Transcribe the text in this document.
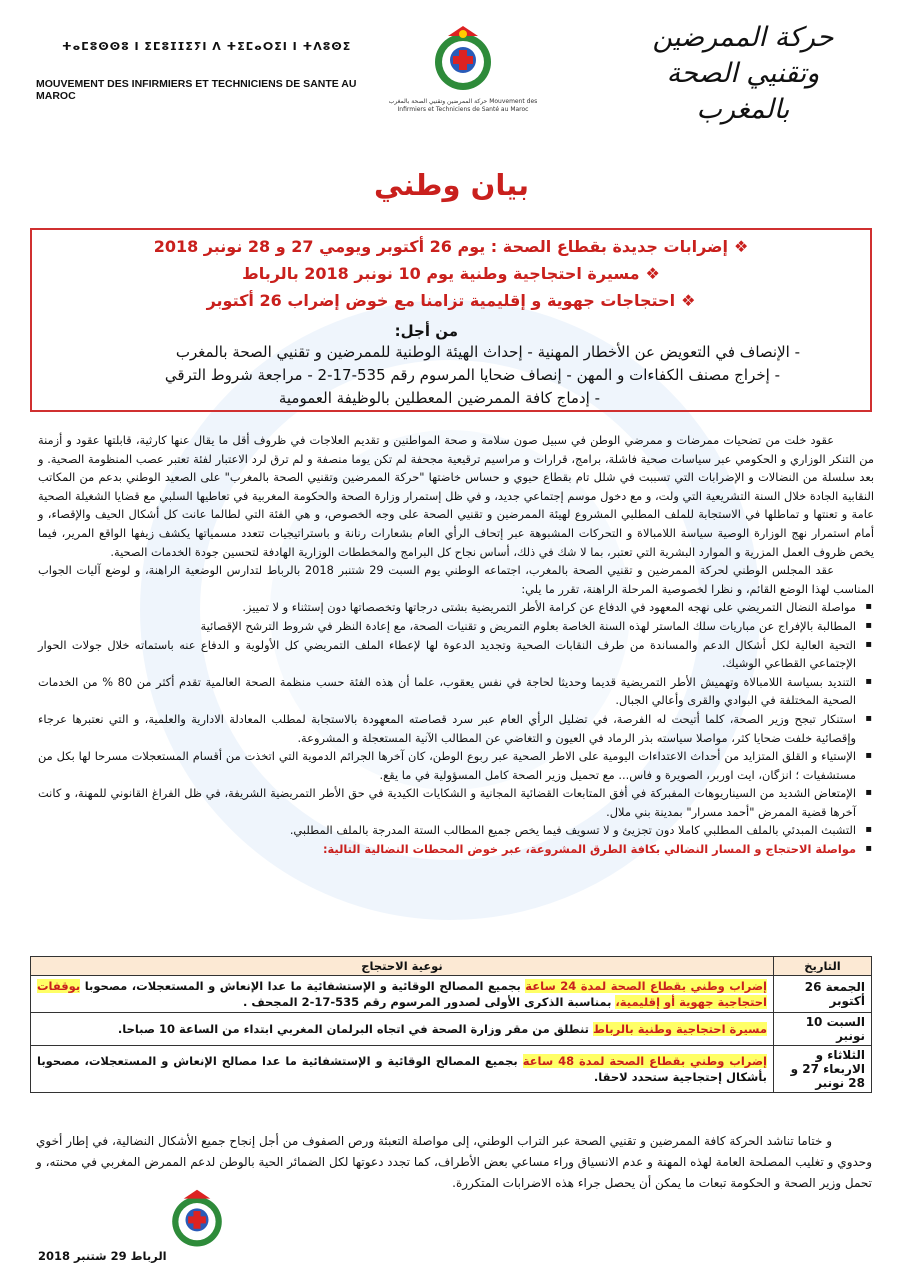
ⵜⴰⵎⵓⵙⵙⵓ ⵏ ⵉⵎⵓⵊⵊⵉⵢⵏ ⴷ ⵜⵉⵎⴰⵔⵉⵏ ⵏ ⵜⴷⵓⵙⵉ
MOUVEMENT DES INFIRMIERS ET TECHNICIENS DE SANTE AU MAROC	حركة الممرضين وتقنيي الصحة بالمغرب Mouvement des Infirmiers et Techniciens de Santé au Maroc
حركة الممرضين وتقنيي الصحة
بالمغرب
بيان وطني
❖إضرابات جديدة بقطاع الصحة : يوم 26 أكتوبر ويومي 27 و 28 نونبر 2018
❖مسيرة احتجاجية وطنية يوم 10 نونبر 2018 بالرباط
❖احتجاجات جهوية و إقليمية تزامنا مع خوض إضراب 26 أكتوبر
من أجل:
- الإنصاف في التعويض عن الأخطار المهنية - إحداث الهيئة الوطنية للممرضين و تقنيي الصحة بالمغرب
- إخراج مصنف الكفاءات و المهن - إنصاف ضحايا المرسوم رقم 535-17-2 - مراجعة شروط الترقي
- إدماج كافة الممرضين المعطلين بالوظيفة العمومية

عقود خلت من تضحيات ممرضات و ممرضي الوطن في سبيل صون سلامة و صحة المواطنين و تقديم العلاجات في ظروف أقل ما يقال عنها كارثية، قابلتها عقود و أزمنة من التنكر الوزاري و الحكومي عبر سياسات صحية فاشلة، برامج، قرارات و مراسيم ترقيعية مجحفة لم تكن يوما منصفة و لم ترق لرد الاعتبار لفئة تعتبر عصب المنظومة الصحية. و بعد سلسلة من النضالات و الإضرابات التي تسببت في شلل تام بقطاع حيوي و حساس خاضتها "حركة الممرضين وتقنيي الصحة بالمغرب" على الصعيد الوطني بدعم من المكاتب النقابية الجادة خلال السنة التشريعية التي ولت، و مع دخول موسم إجتماعي جديد، و في ظل إستمرار وزارة الصحة والحكومة المغربية في تعاطيها السلبي مع قضايا الشغيلة الصحية عامة و تعنتها و تماطلها في الاستجابة للملف المطلبي المشروع لهيئة الممرضين و تقنيي الصحة على وجه الخصوص، و هي الفئة التي لطالما عانت كل أشكال الحيف والإقصاء، و أمام استمرار نهج الوزارة الوصية سياسة اللامبالاة و التحركات المشبوهة عبر إتحاف الرأي العام بشعارات رنانة و باستراتيجيات تتعدد مسمياتها يكشف زيفها الواقع المرير، فيما يخص ظروف العمل المزرية و الموارد البشرية التي تعتبر، بما لا شك في ذلك، أساس نجاح كل البرامج والمخططات الوزارية الهادفة لتحسين جودة الخدمات الصحية.

عقد المجلس الوطني لحركة الممرضين و تقنيي الصحة بالمغرب، اجتماعه الوطني يوم السبت 29 شتنبر 2018 بالرباط لتدارس الوضعية الراهنة، و لوضع آليات الجواب المناسب لهذا الوضع القائم، و نظرا لخصوصية المرحلة الراهنة، تقرر ما يلي:

▪ مواصلة النضال التمريضي على نهجه المعهود في الدفاع عن كرامة الأطر التمريضية بشتى درجاتها وتخصصاتها دون إستثناء و لا تمييز.
▪ المطالبة بالإفراج عن مباريات سلك الماستر لهذه السنة الخاصة بعلوم التمريض و تقنيات الصحة، مع إعادة النظر في شروط الترشح الإقصائية
▪ التحية العالية لكل أشكال الدعم والمساندة من طرف النقابات الصحية وتجديد الدعوة لها لإعطاء الملف التمريضي كل الأولوية و الدفاع عنه باستماته خلال جولات الحوار الإجتماعي القطاعي الوشيك.
▪ التنديد بسياسة اللامبالاة وتهميش الأطر التمريضية قديما وحديثا لحاجة في نفس يعقوب، علما أن هذه الفئة حسب منظمة الصحة العالمية تقدم أكثر من 80 % من الخدمات الصحية المختلفة في البوادي والقرى وأعالي الجبال.
▪ استنكار تبجح وزير الصحة، كلما أتيحت له الفرصة، في تضليل الرأي العام عبر سرد قصاصته المعهودة بالاستجابة لمطلب المعادلة الادارية والعلمية، و التي نعتبرها عرجاء وإقصائية خلفت ضحايا كثر، مواصلا سياسته بذر الرماد في العيون و التغاضي عن المطالب الآنية المستعجلة و المشروعة.
▪ الإستياء و القلق المتزايد من أحداث الاعتداءات اليومية على الاطر الصحية عبر ربوع الوطن، كان آخرها الجرائم الدموية التي اتخذت من أقسام المستعجلات مسرحا لها بكل من مستشفيات ؛ انزگان، ايت اوربر، الصويرة و فاس... مع تحميل وزير الصحة كامل المسؤولية في ما يقع.
▪ الإمتعاض الشديد من السيناريوهات المفبركة في أفق المتابعات القضائية المجانية و الشكايات الكيدية في حق الأطر التمريضية الشريفة، في ظل الفراغ القانوني للمهنة، و كانت آخرها قضية الممرض "أحمد مسرار" بمدينة بني ملال.
▪ التشبث المبدئي بالملف المطلبي كاملا دون تجزيئ و لا تسويف فيما يخص جميع المطالب الستة المدرجة بالملف المطلبي.
▪ مواصلة الاحتجاج و المسار النضالي بكافة الطرق المشروعة، عبر خوض المحطات النضالية التالية:
التاريخ	نوعية الاحتجاج
الجمعة 26 أكتوبر	إضراب وطني بقطاع الصحة لمدة 24 ساعة بجميع المصالح الوقائية و الإستشفائية ما عدا الإنعاش و المستعجلات، مصحوبا بوقفات احتجاجية جهوية أو إقليمية، بمناسبة الذكرى الأولى لصدور المرسوم رقم 535-17-2 المجحف .
السبت 10 نونبر	مسيرة احتجاجية وطنية بالرباط تنطلق من مقر وزارة الصحة في اتجاه البرلمان المغربي ابتداء من الساعة 10 صباحا.
الثلاثاء و الاربعاء 27 و 28 نونبر	إضراب وطني بقطاع الصحة لمدة 48 ساعة بجميع المصالح الوقائية و الإستشفائية ما عدا مصالح الإنعاش و المستعجلات، مصحوبا بأشكال إحتجاجية ستحدد لاحقا.

و ختاما تناشد الحركة كافة الممرضين و تقنيي الصحة عبر التراب الوطني، إلى مواصلة التعبئة ورص الصفوف من أجل إنجاح جميع الأشكال النضالية، في إطار أخوي وحدوي و تغليب المصلحة العامة لهذه المهنة و عدم الانسياق وراء مساعي بعض الأطراف، كما تجدد دعوتها لكل الضمائر الحية بالوطن لدعم الممرض المغربي في محنته، و تحمل وزير الصحة و الحكومة تبعات ما يمكن أن يحصل جراء هذه الاضرابات المتكررة.

الرباط 29 شتنبر 2018
